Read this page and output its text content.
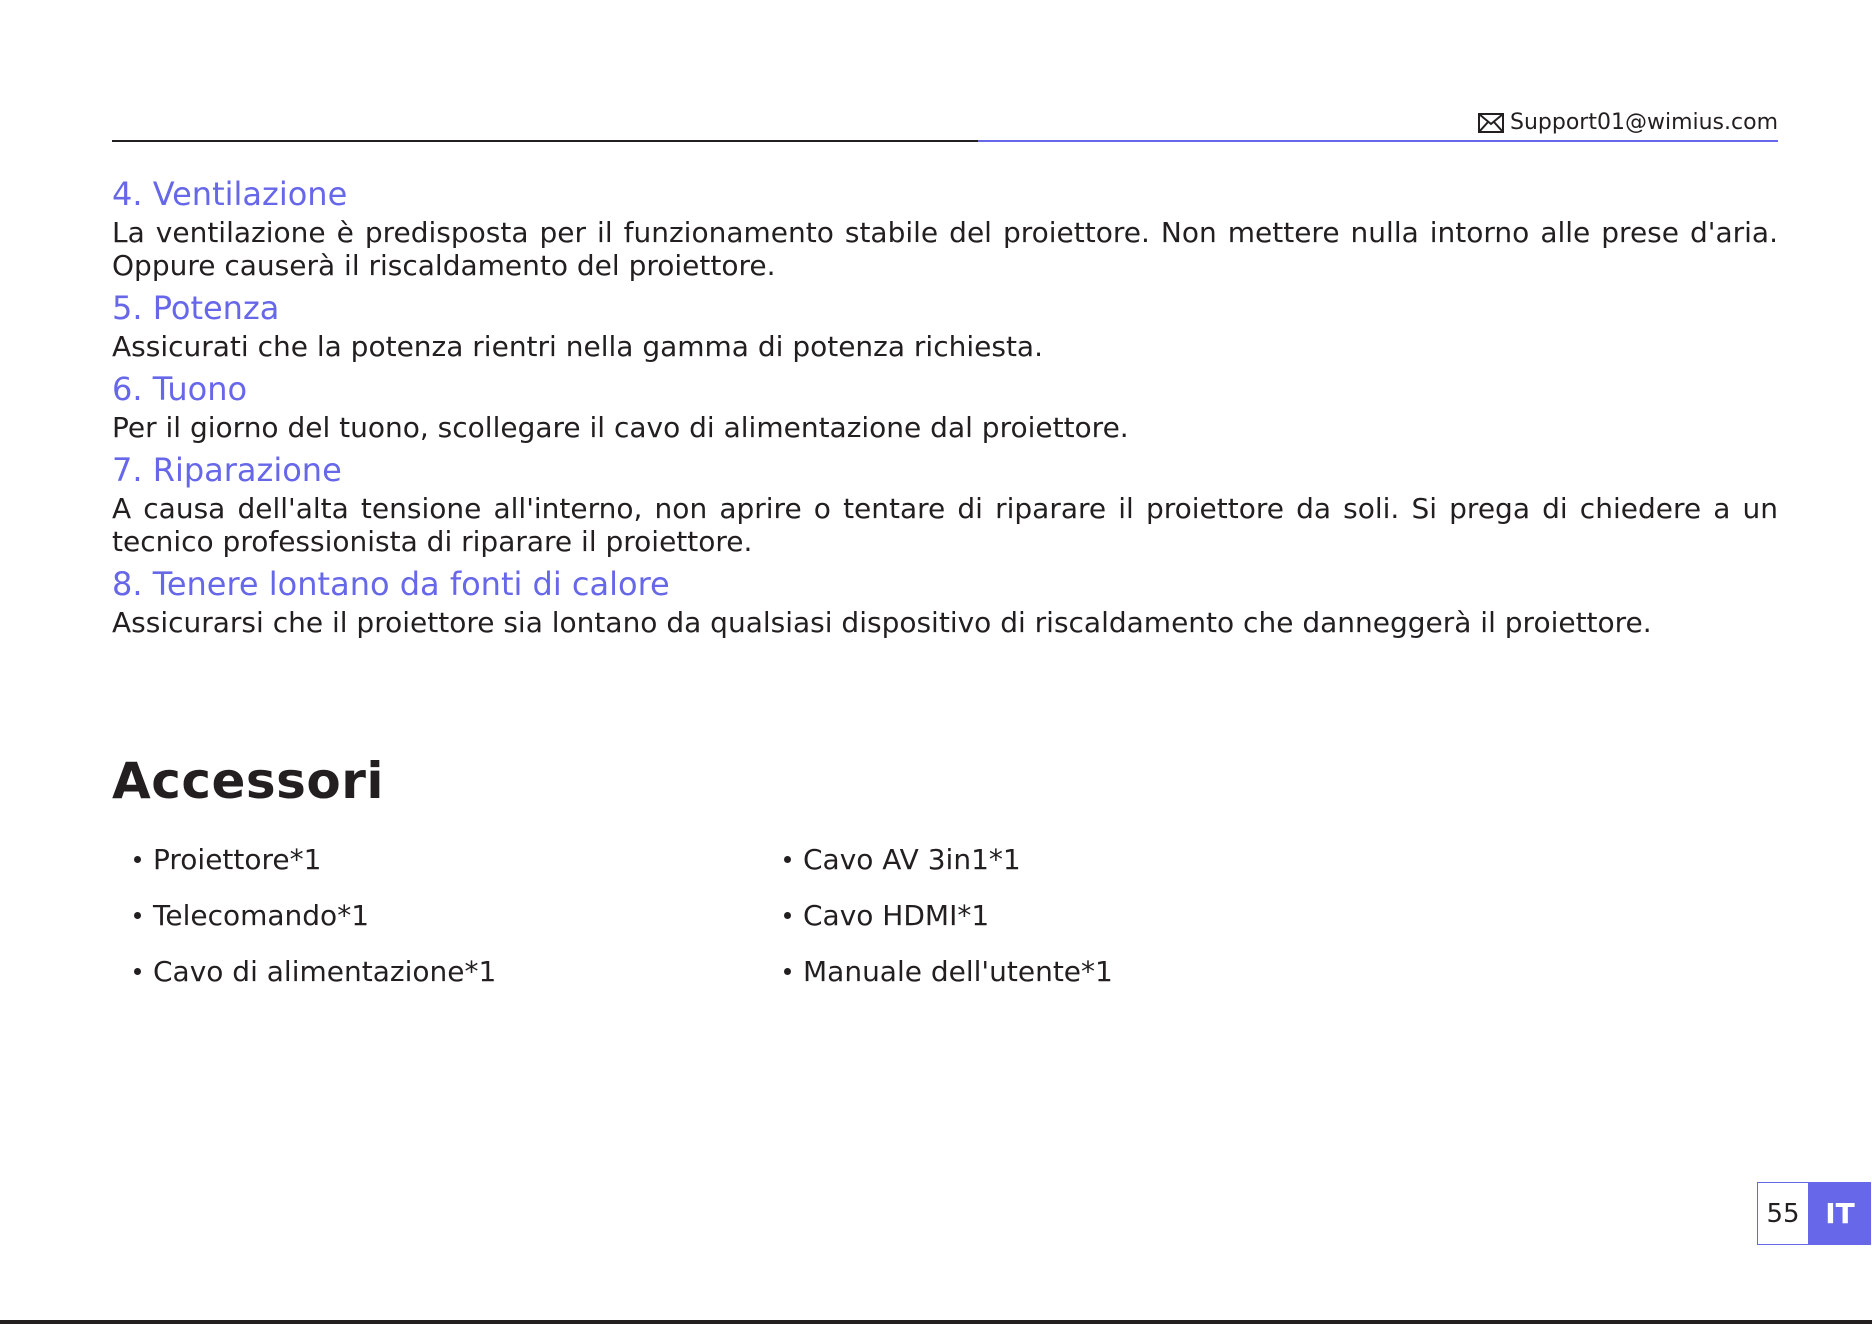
Support01@wimius.com
4. Ventilazione

La ventilazione è predisposta per il funzionamento stabile del proiettore. Non mettere nulla intorno alle prese d'aria. Oppure causerà il riscaldamento del proiettore.

5. Potenza

Assicurati che la potenza rientri nella gamma di potenza richiesta.

6. Tuono

Per il giorno del tuono, scollegare il cavo di alimentazione dal proiettore.

7. Riparazione

A causa dell'alta tensione all'interno, non aprire o tentare di riparare il proiettore da soli. Si prega di chiedere a un tecnico professionista di riparare il proiettore.

8. Tenere lontano da fonti di calore

Assicurarsi che il proiettore sia lontano da qualsiasi dispositivo di riscaldamento che danneggerà il proiettore.

Accessori
Proiettore*1	Cavo AV 3in1*1
Telecomando*1	Cavo HDMI*1
Cavo di alimentazione*1	Manuale dell'utente*1
55 IT
